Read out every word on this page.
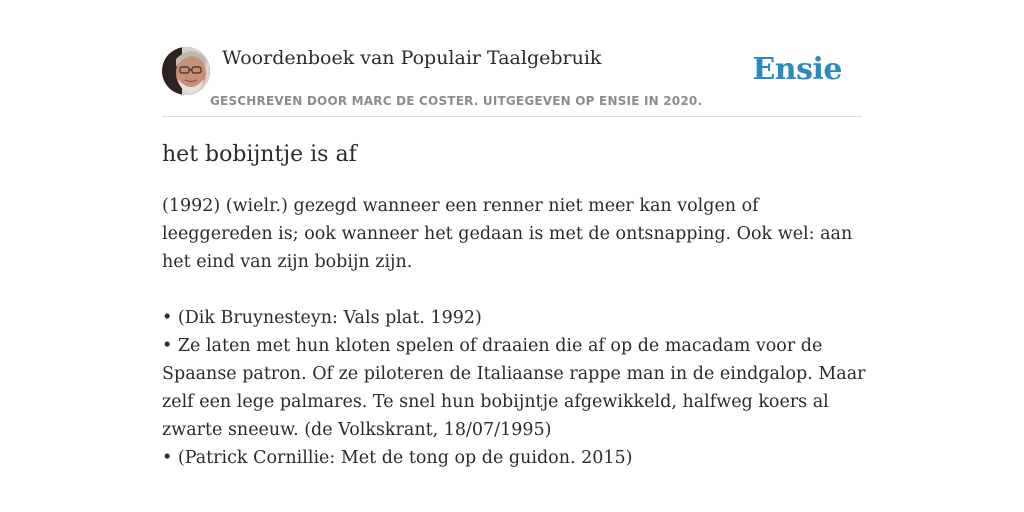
Woordenboek van Populair Taalgebruik
GESCHREVEN DOOR MARC DE COSTER. UITGEGEVEN OP ENSIE IN 2020.
Ensie
het bobijntje is af

(1992) (wielr.) gezegd wanneer een renner niet meer kan volgen of leeggereden is; ook wanneer het gedaan is met de ontsnapping. Ook wel: aan het eind van zijn bobijn zijn.

• (Dik Bruynesteyn: Vals plat. 1992)

• Ze laten met hun kloten spelen of draaien die af op de macadam voor de Spaanse patron. Of ze piloteren de Italiaanse rappe man in de eindgalop. Maar zelf een lege palmares. Te snel hun bobijntje afgewikkeld, halfweg koers al zwarte sneeuw. (de Volkskrant, 18/07/1995)

• (Patrick Cornillie: Met de tong op de guidon. 2015)
